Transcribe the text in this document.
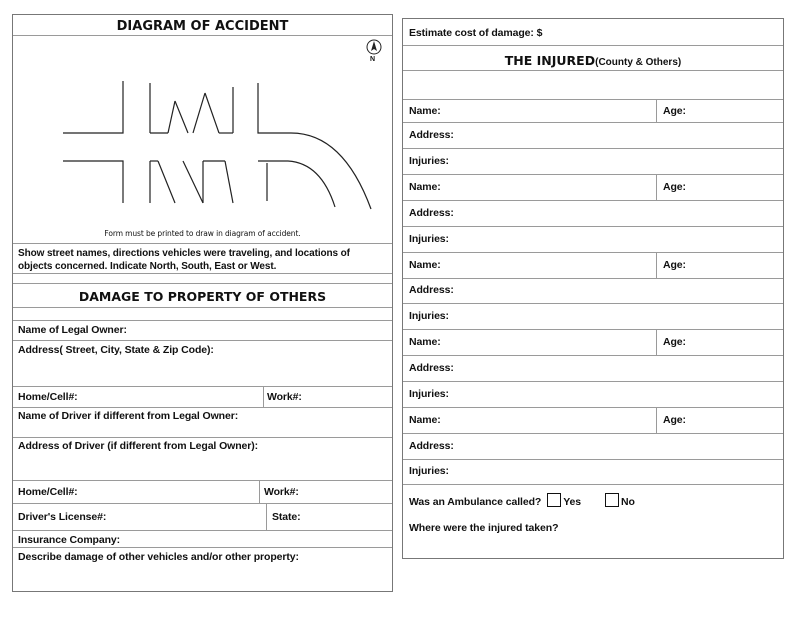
DIAGRAM OF ACCIDENT
N
Form must be printed to draw in diagram of accident.
Show street names, directions vehicles were traveling, and locations of objects concerned. Indicate North, South, East or West.
DAMAGE TO PROPERTY OF OTHERS
Name of Legal Owner:
Address( Street, City, State & Zip Code):
Home/Cell#:	Work#:
Name of Driver if different from Legal Owner:
Address of Driver (if different from Legal Owner):
Home/Cell#:	Work#:
Driver's License#:	State:
Insurance Company:
Describe damage of other vehicles and/or other property:
Estimate cost of damage: $
THE INJURED(County & Others)
Name:	Age:
Address:
Injuries:
Name:	Age:
Address:
Injuries:
Name:	Age:
Address:
Injuries:
Name:	Age:
Address:
Injuries:
Name:	Age:
Address:
Injuries:
Was an Ambulance called? Yes	No
Where were the injured taken?
